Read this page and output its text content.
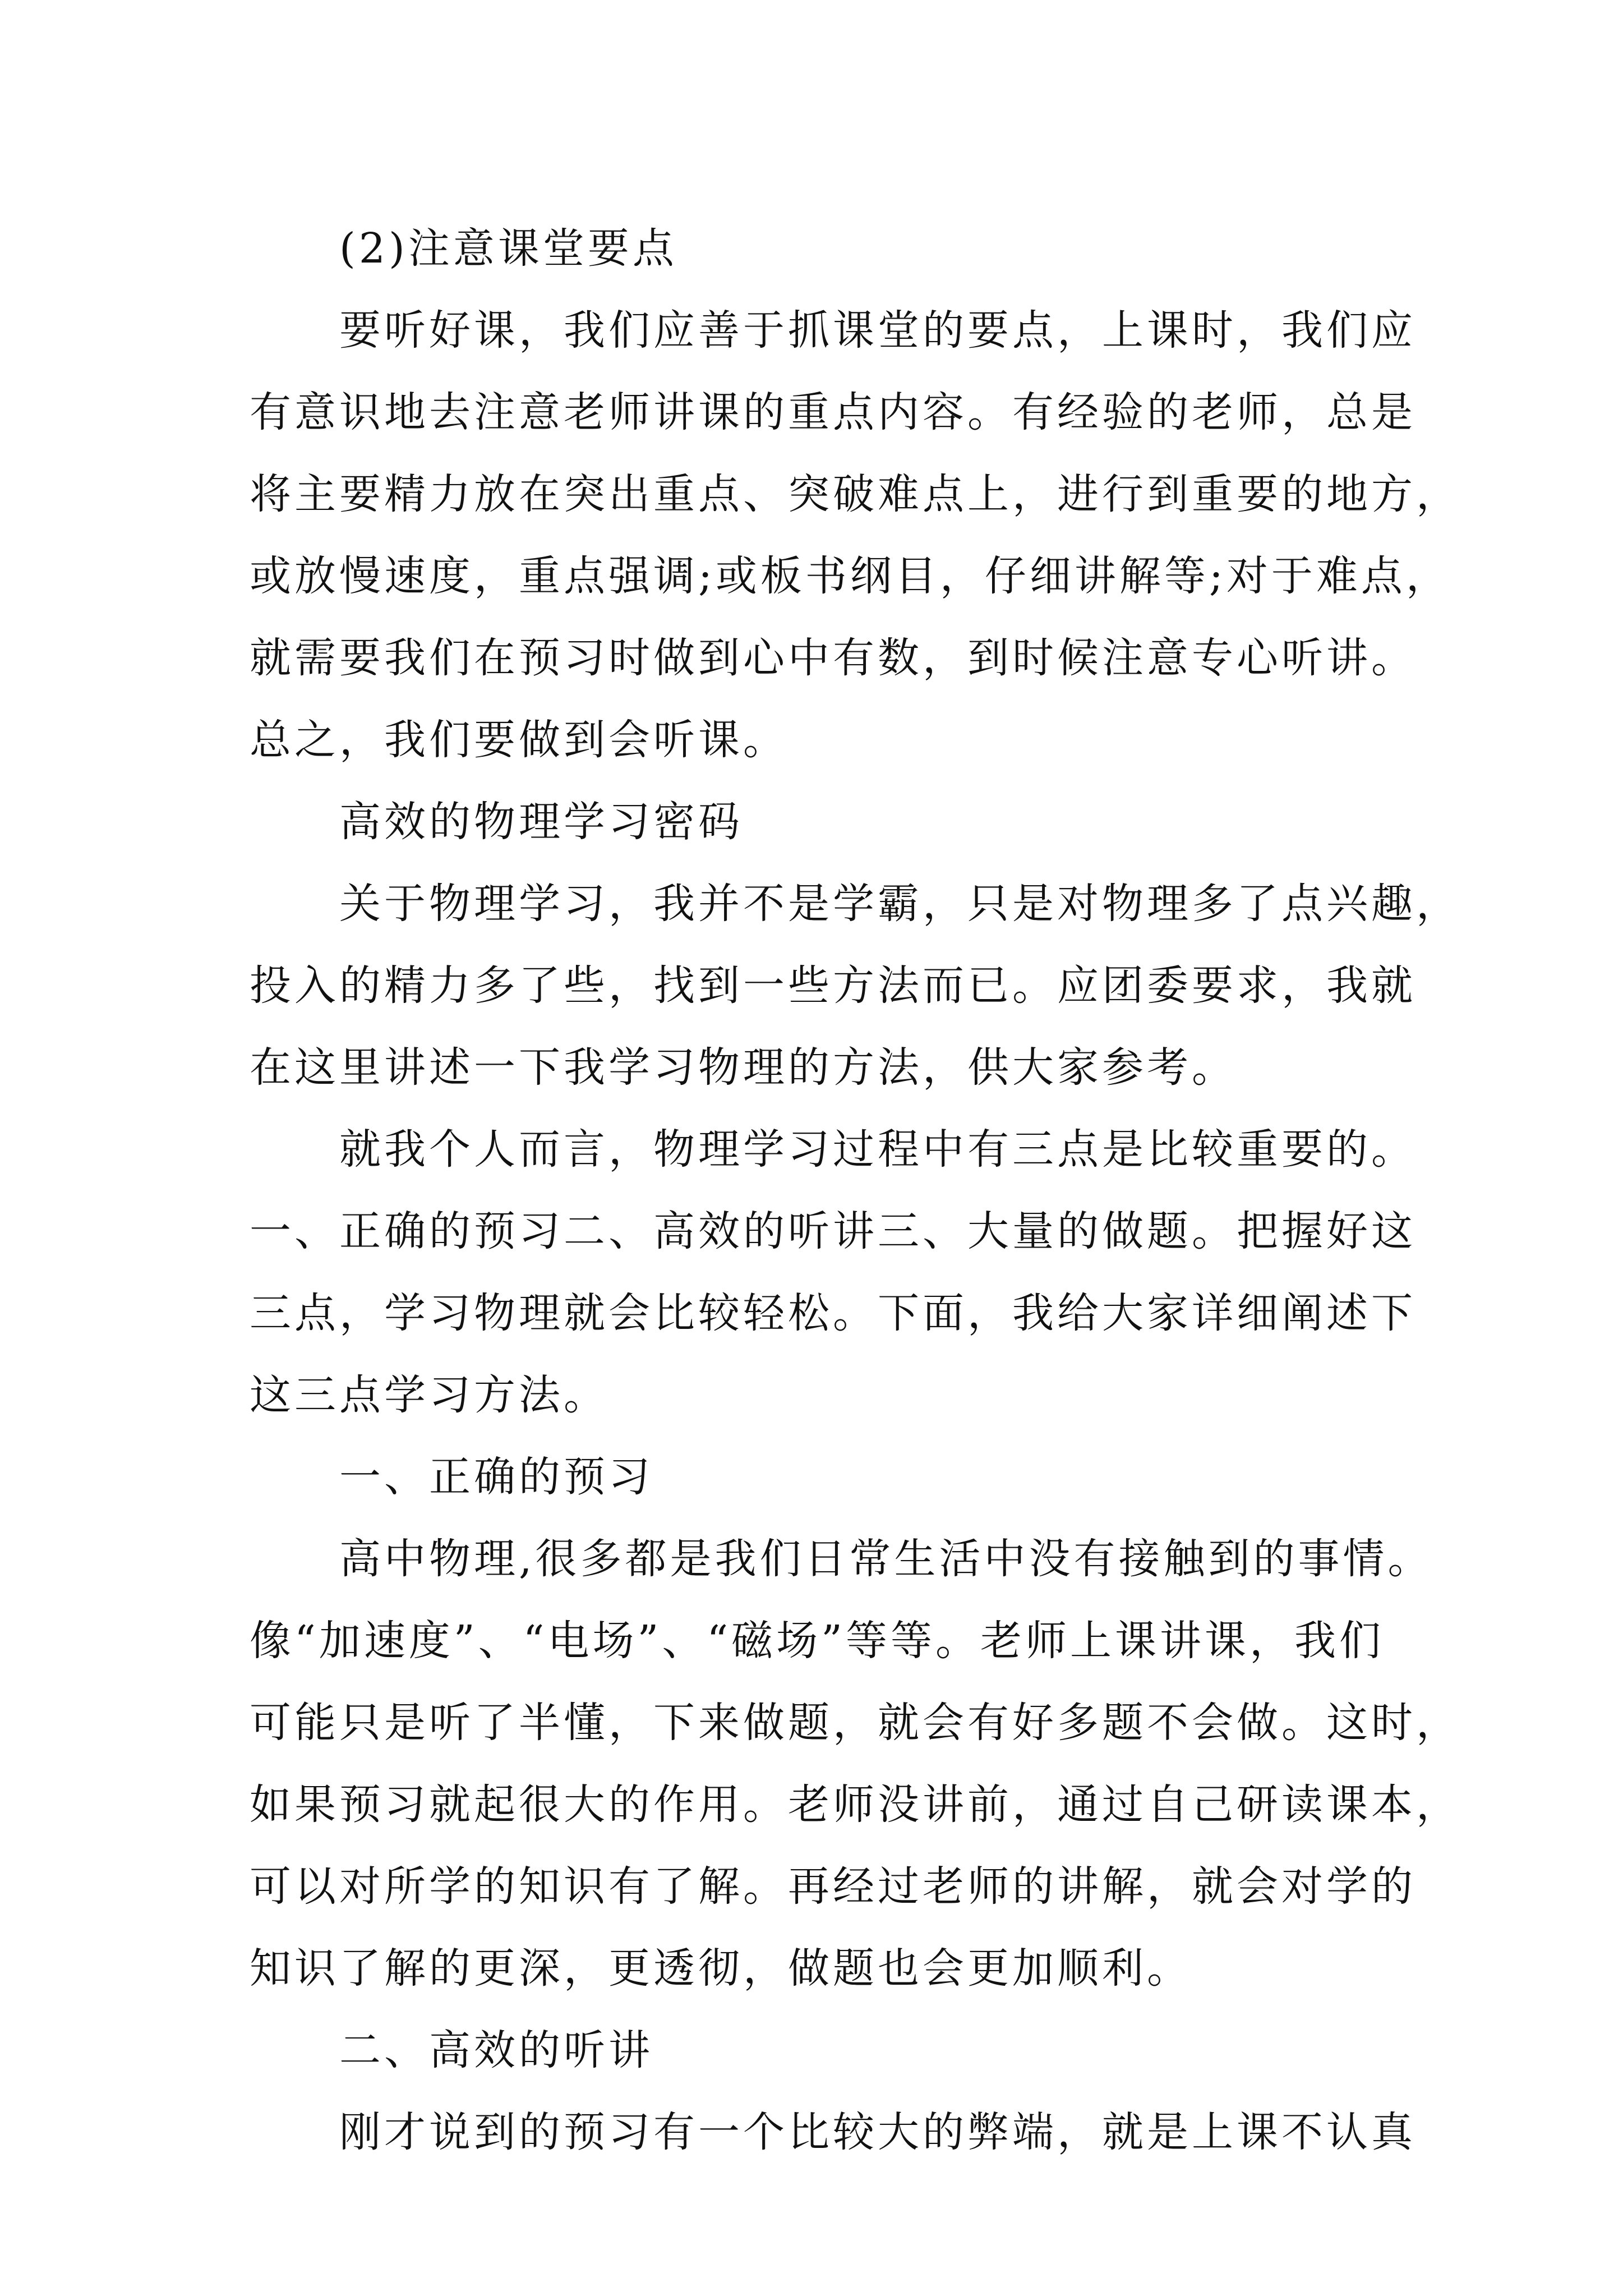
(2)注意课堂要点
要听好课，我们应善于抓课堂的要点，上课时，我们应
有意识地去注意老师讲课的重点内容。有经验的老师，总是
将主要精力放在突出重点、突破难点上，进行到重要的地方，
或放慢速度，重点强调;或板书纲目，仔细讲解等;对于难点，
就需要我们在预习时做到心中有数，到时候注意专心听讲。
总之，我们要做到会听课。
高效的物理学习密码
关于物理学习，我并不是学霸，只是对物理多了点兴趣，
投入的精力多了些，找到一些方法而已。应团委要求，我就
在这里讲述一下我学习物理的方法，供大家参考。
就我个人而言，物理学习过程中有三点是比较重要的。
一、正确的预习二、高效的听讲三、大量的做题。把握好这
三点，学习物理就会比较轻松。下面，我给大家详细阐述下
这三点学习方法。
一、正确的预习
高中物理,很多都是我们日常生活中没有接触到的事情。
像“加速度”、“电场”、“磁场”等等。老师上课讲课，我们
可能只是听了半懂，下来做题，就会有好多题不会做。这时，
如果预习就起很大的作用。老师没讲前，通过自己研读课本，
可以对所学的知识有了解。再经过老师的讲解，就会对学的
知识了解的更深，更透彻，做题也会更加顺利。
二、高效的听讲
刚才说到的预习有一个比较大的弊端，就是上课不认真
